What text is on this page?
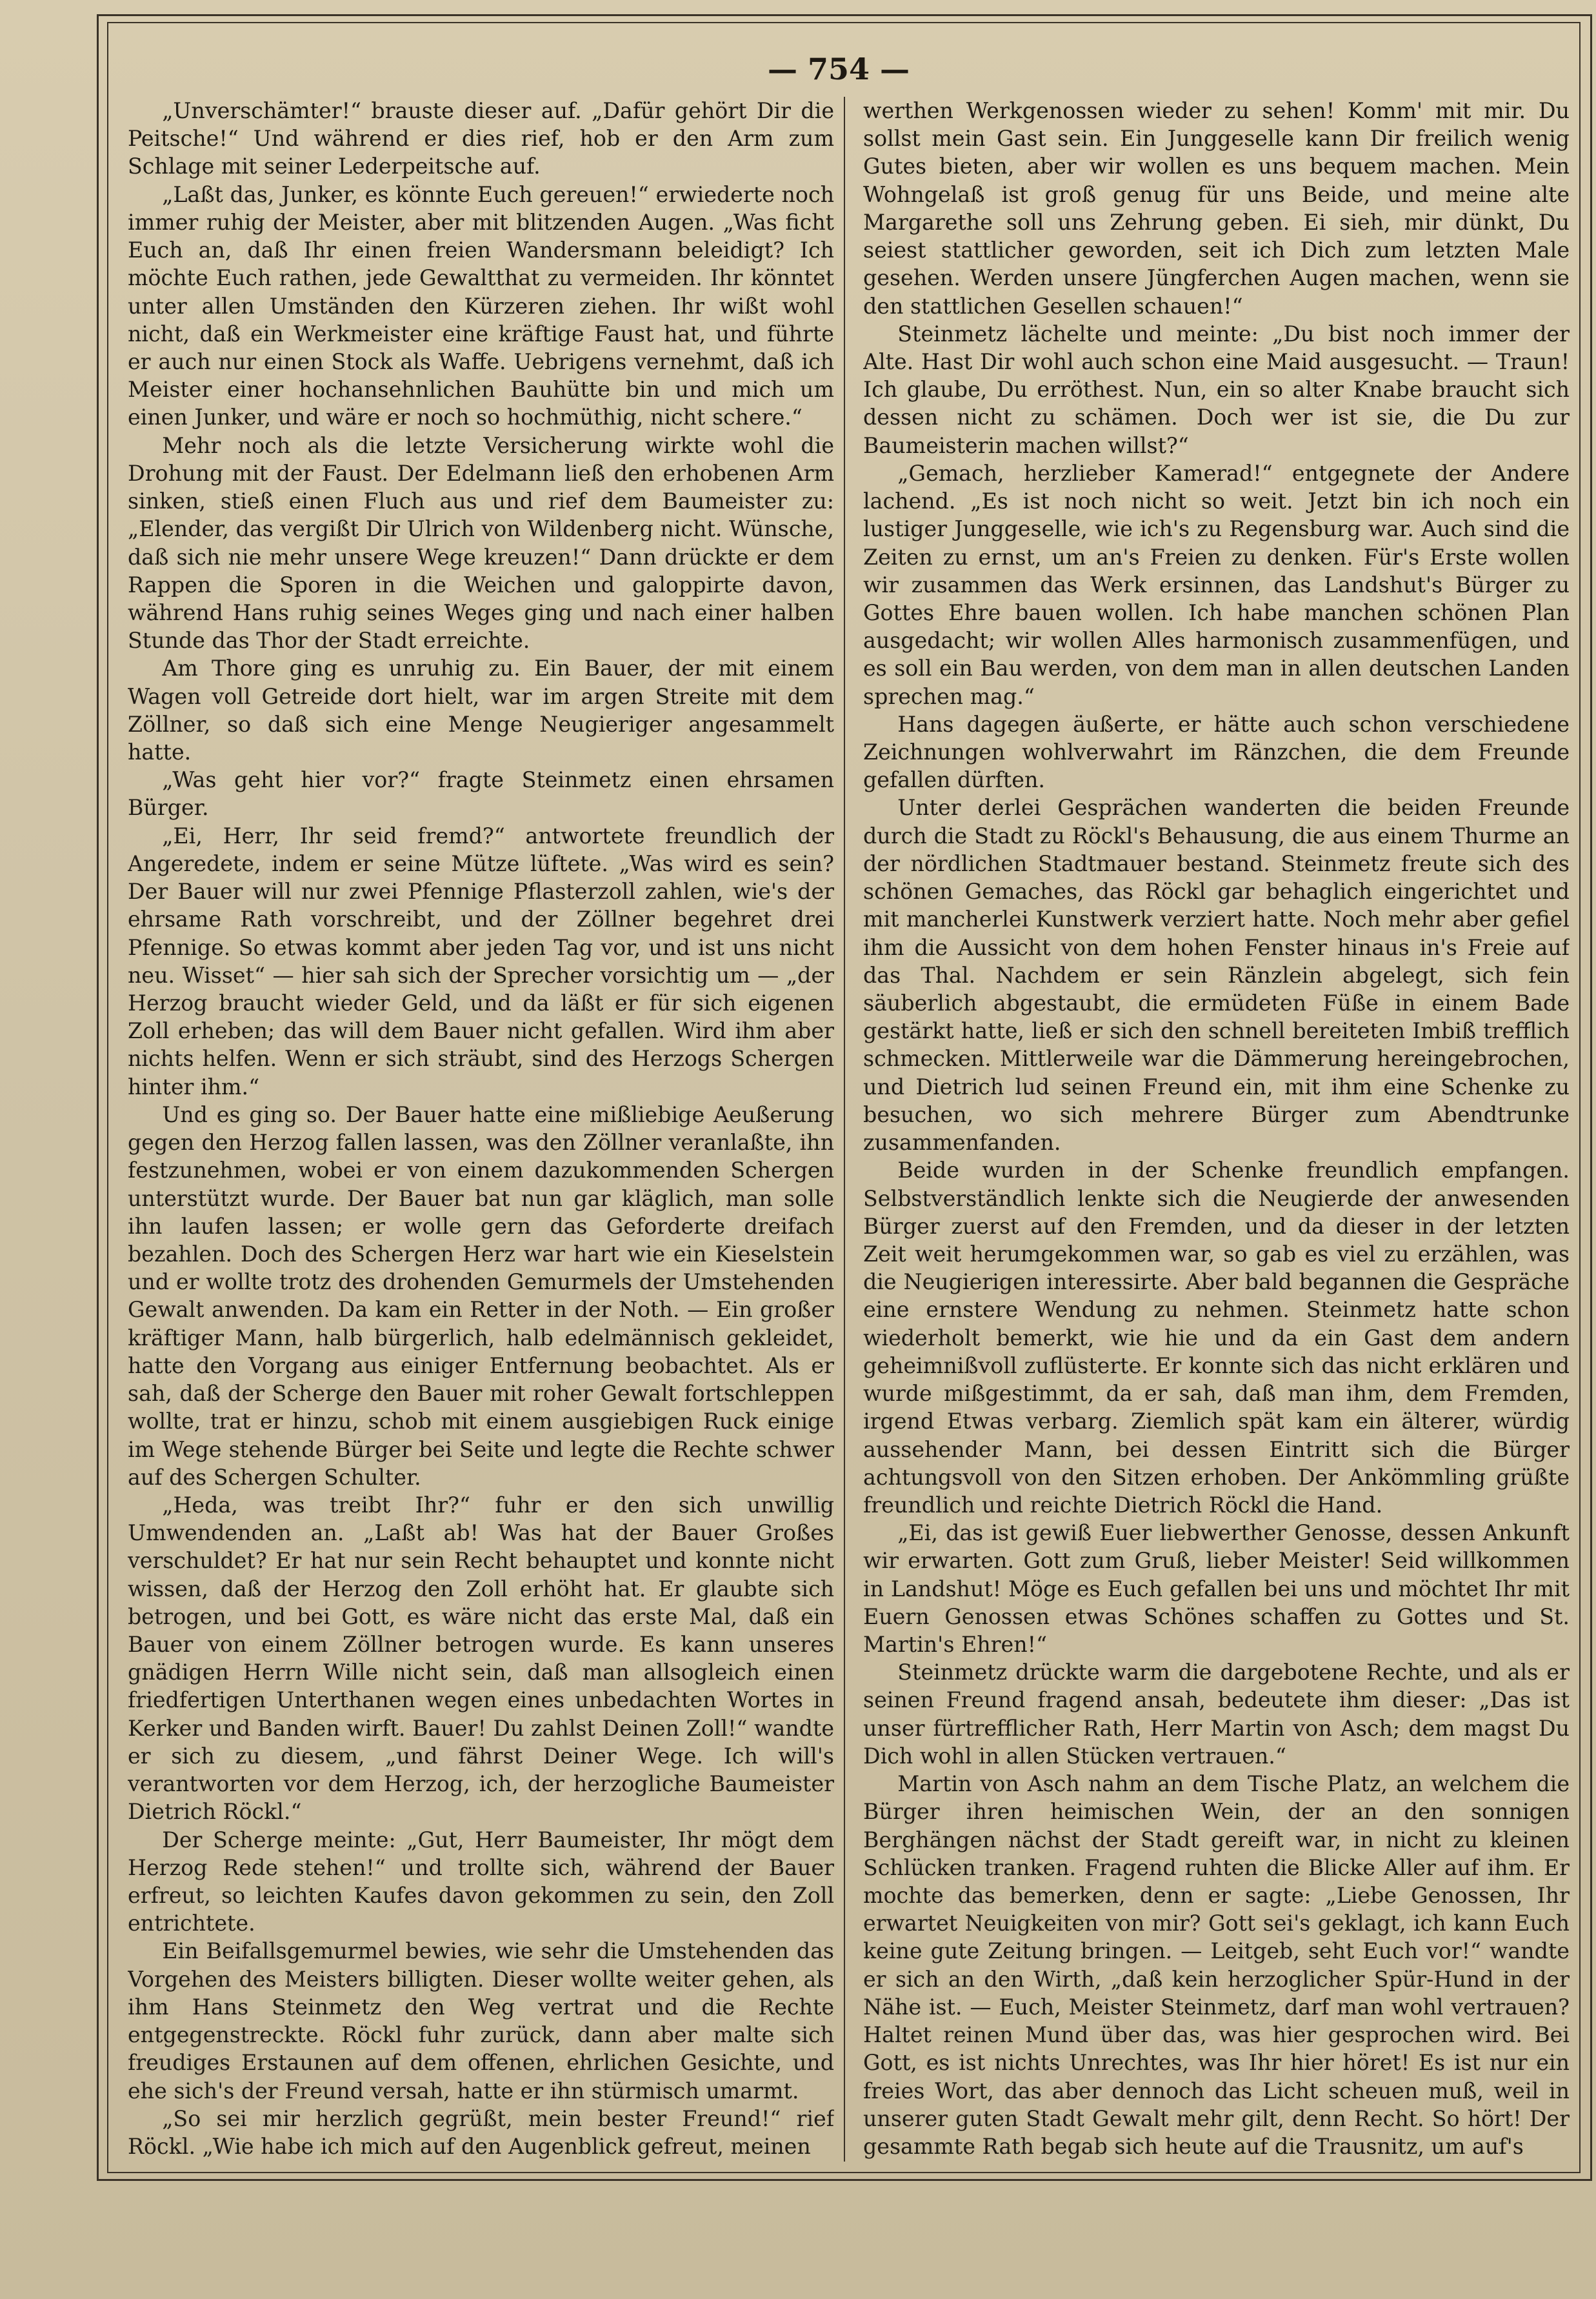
— 754 —

„Unverschämter!“ brauste dieser auf. „Dafür gehört Dir die Peitsche!“ Und während er dies rief, hob er den Arm zum Schlage mit seiner Lederpeitsche auf.

„Laßt das, Junker, es könnte Euch gereuen!“ erwiederte noch immer ruhig der Meister, aber mit blitzenden Augen. „Was ficht Euch an, daß Ihr einen freien Wandersmann beleidigt? Ich möchte Euch rathen, jede Gewaltthat zu vermeiden. Ihr könntet unter allen Umständen den Kürzeren ziehen. Ihr wißt wohl nicht, daß ein Werkmeister eine kräftige Faust hat, und führte er auch nur einen Stock als Waffe. Uebrigens vernehmt, daß ich Meister einer hochansehnlichen Bauhütte bin und mich um einen Junker, und wäre er noch so hochmüthig, nicht schere.“

Mehr noch als die letzte Versicherung wirkte wohl die Drohung mit der Faust. Der Edelmann ließ den erhobenen Arm sinken, stieß einen Fluch aus und rief dem Baumeister zu: „Elender, das vergißt Dir Ulrich von Wildenberg nicht. Wünsche, daß sich nie mehr unsere Wege kreuzen!“ Dann drückte er dem Rappen die Sporen in die Weichen und galoppirte davon, während Hans ruhig seines Weges ging und nach einer halben Stunde das Thor der Stadt erreichte.

Am Thore ging es unruhig zu. Ein Bauer, der mit einem Wagen voll Getreide dort hielt, war im argen Streite mit dem Zöllner, so daß sich eine Menge Neugieriger angesammelt hatte.

„Was geht hier vor?“ fragte Steinmetz einen ehrsamen Bürger.

„Ei, Herr, Ihr seid fremd?“ antwortete freundlich der Angeredete, indem er seine Mütze lüftete. „Was wird es sein? Der Bauer will nur zwei Pfennige Pflasterzoll zahlen, wie's der ehrsame Rath vorschreibt, und der Zöllner begehret drei Pfennige. So etwas kommt aber jeden Tag vor, und ist uns nicht neu. Wisset“ — hier sah sich der Sprecher vorsichtig um — „der Herzog braucht wieder Geld, und da läßt er für sich eigenen Zoll erheben; das will dem Bauer nicht gefallen. Wird ihm aber nichts helfen. Wenn er sich sträubt, sind des Herzogs Schergen hinter ihm.“

Und es ging so. Der Bauer hatte eine mißliebige Aeußerung gegen den Herzog fallen lassen, was den Zöllner veranlaßte, ihn festzunehmen, wobei er von einem dazukommenden Schergen unterstützt wurde. Der Bauer bat nun gar kläglich, man solle ihn laufen lassen; er wolle gern das Geforderte dreifach bezahlen. Doch des Schergen Herz war hart wie ein Kieselstein und er wollte trotz des drohenden Gemurmels der Umstehenden Gewalt anwenden. Da kam ein Retter in der Noth. — Ein großer kräftiger Mann, halb bürgerlich, halb edelmännisch gekleidet, hatte den Vorgang aus einiger Entfernung beobachtet. Als er sah, daß der Scherge den Bauer mit roher Gewalt fortschleppen wollte, trat er hinzu, schob mit einem ausgiebigen Ruck einige im Wege stehende Bürger bei Seite und legte die Rechte schwer auf des Schergen Schulter.

„Heda, was treibt Ihr?“ fuhr er den sich unwillig Umwendenden an. „Laßt ab! Was hat der Bauer Großes verschuldet? Er hat nur sein Recht behauptet und konnte nicht wissen, daß der Herzog den Zoll erhöht hat. Er glaubte sich betrogen, und bei Gott, es wäre nicht das erste Mal, daß ein Bauer von einem Zöllner betrogen wurde. Es kann unseres gnädigen Herrn Wille nicht sein, daß man allsogleich einen friedfertigen Unterthanen wegen eines unbedachten Wortes in Kerker und Banden wirft. Bauer! Du zahlst Deinen Zoll!“ wandte er sich zu diesem, „und fährst Deiner Wege. Ich will's verantworten vor dem Herzog, ich, der herzogliche Baumeister Dietrich Röckl.“

Der Scherge meinte: „Gut, Herr Baumeister, Ihr mögt dem Herzog Rede stehen!“ und trollte sich, während der Bauer erfreut, so leichten Kaufes davon gekommen zu sein, den Zoll entrichtete.

Ein Beifallsgemurmel bewies, wie sehr die Umstehenden das Vorgehen des Meisters billigten. Dieser wollte weiter gehen, als ihm Hans Steinmetz den Weg vertrat und die Rechte entgegenstreckte. Röckl fuhr zurück, dann aber malte sich freudiges Erstaunen auf dem offenen, ehrlichen Gesichte, und ehe sich's der Freund versah, hatte er ihn stürmisch umarmt.

„So sei mir herzlich gegrüßt, mein bester Freund!“ rief Röckl. „Wie habe ich mich auf den Augenblick gefreut, meinen

werthen Werkgenossen wieder zu sehen! Komm' mit mir. Du sollst mein Gast sein. Ein Junggeselle kann Dir freilich wenig Gutes bieten, aber wir wollen es uns bequem machen. Mein Wohngelaß ist groß genug für uns Beide, und meine alte Margarethe soll uns Zehrung geben. Ei sieh, mir dünkt, Du seiest stattlicher geworden, seit ich Dich zum letzten Male gesehen. Werden unsere Jüngferchen Augen machen, wenn sie den stattlichen Gesellen schauen!“

Steinmetz lächelte und meinte: „Du bist noch immer der Alte. Hast Dir wohl auch schon eine Maid ausgesucht. — Traun! Ich glaube, Du erröthest. Nun, ein so alter Knabe braucht sich dessen nicht zu schämen. Doch wer ist sie, die Du zur Baumeisterin machen willst?“

„Gemach, herzlieber Kamerad!“ entgegnete der Andere lachend. „Es ist noch nicht so weit. Jetzt bin ich noch ein lustiger Junggeselle, wie ich's zu Regensburg war. Auch sind die Zeiten zu ernst, um an's Freien zu denken. Für's Erste wollen wir zusammen das Werk ersinnen, das Landshut's Bürger zu Gottes Ehre bauen wollen. Ich habe manchen schönen Plan ausgedacht; wir wollen Alles harmonisch zusammenfügen, und es soll ein Bau werden, von dem man in allen deutschen Landen sprechen mag.“

Hans dagegen äußerte, er hätte auch schon verschiedene Zeichnungen wohlverwahrt im Ränzchen, die dem Freunde gefallen dürften.

Unter derlei Gesprächen wanderten die beiden Freunde durch die Stadt zu Röckl's Behausung, die aus einem Thurme an der nördlichen Stadtmauer bestand. Steinmetz freute sich des schönen Gemaches, das Röckl gar behaglich eingerichtet und mit mancherlei Kunstwerk verziert hatte. Noch mehr aber gefiel ihm die Aussicht von dem hohen Fenster hinaus in's Freie auf das Thal. Nachdem er sein Ränzlein abgelegt, sich fein säuberlich abgestaubt, die ermüdeten Füße in einem Bade gestärkt hatte, ließ er sich den schnell bereiteten Imbiß trefflich schmecken. Mittlerweile war die Dämmerung hereingebrochen, und Dietrich lud seinen Freund ein, mit ihm eine Schenke zu besuchen, wo sich mehrere Bürger zum Abendtrunke zusammenfanden.

Beide wurden in der Schenke freundlich empfangen. Selbstverständlich lenkte sich die Neugierde der anwesenden Bürger zuerst auf den Fremden, und da dieser in der letzten Zeit weit herumgekommen war, so gab es viel zu erzählen, was die Neugierigen interessirte. Aber bald begannen die Gespräche eine ernstere Wendung zu nehmen. Steinmetz hatte schon wiederholt bemerkt, wie hie und da ein Gast dem andern geheimnißvoll zuflüsterte. Er konnte sich das nicht erklären und wurde mißgestimmt, da er sah, daß man ihm, dem Fremden, irgend Etwas verbarg. Ziemlich spät kam ein älterer, würdig aussehender Mann, bei dessen Eintritt sich die Bürger achtungsvoll von den Sitzen erhoben. Der Ankömmling grüßte freundlich und reichte Dietrich Röckl die Hand.

„Ei, das ist gewiß Euer liebwerther Genosse, dessen Ankunft wir erwarten. Gott zum Gruß, lieber Meister! Seid willkommen in Landshut! Möge es Euch gefallen bei uns und möchtet Ihr mit Euern Genossen etwas Schönes schaffen zu Gottes und St. Martin's Ehren!“

Steinmetz drückte warm die dargebotene Rechte, und als er seinen Freund fragend ansah, bedeutete ihm dieser: „Das ist unser fürtrefflicher Rath, Herr Martin von Asch; dem magst Du Dich wohl in allen Stücken vertrauen.“

Martin von Asch nahm an dem Tische Platz, an welchem die Bürger ihren heimischen Wein, der an den sonnigen Berghängen nächst der Stadt gereift war, in nicht zu kleinen Schlücken tranken. Fragend ruhten die Blicke Aller auf ihm. Er mochte das bemerken, denn er sagte: „Liebe Genossen, Ihr erwartet Neuigkeiten von mir? Gott sei's geklagt, ich kann Euch keine gute Zeitung bringen. — Leitgeb, seht Euch vor!“ wandte er sich an den Wirth, „daß kein herzoglicher Spür-Hund in der Nähe ist. — Euch, Meister Steinmetz, darf man wohl vertrauen? Haltet reinen Mund über das, was hier gesprochen wird. Bei Gott, es ist nichts Unrechtes, was Ihr hier höret! Es ist nur ein freies Wort, das aber dennoch das Licht scheuen muß, weil in unserer guten Stadt Gewalt mehr gilt, denn Recht. So hört! Der gesammte Rath begab sich heute auf die Trausnitz, um auf's
